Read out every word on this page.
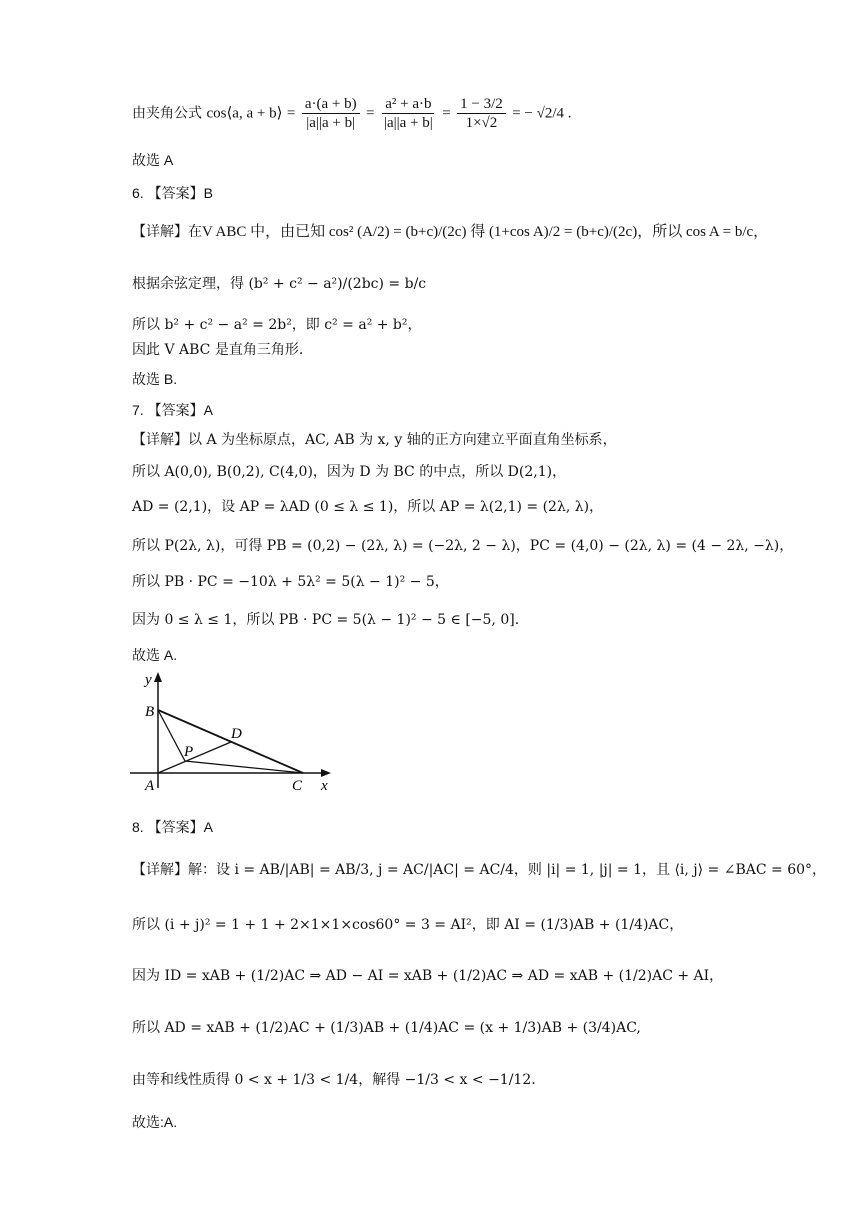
由夹角公式 cos⟨a, a + b⟩ = $\frac{a\cdot(a + b)}{|a||a + b|} = \frac{\text{a² + a·b}}{|a||a + b|} = \frac{1 - 3/2}{1\times√2}$ = − √2/4 .
故选 A
6. 【答案】B
【详解】在V ABC 中，由已知 cos² (A/2) = (b+c)/(2c) 得 (1+cos A)/2 = (b+c)/(2c)，所以 cos A = b/c，
根据余弦定理，得 (b² + c² − a²)/(2bc) = b/c
所以 b² + c² − a² = 2b²，即 c² = a² + b²，
因此 V ABC 是直角三角形.
故选 B.
7. 【答案】A
【详解】以 A 为坐标原点，AC, AB 为 x, y 轴的正方向建立平面直角坐标系，
所以 A(0,0), B(0,2), C(4,0)，因为 D 为 BC 的中点，所以 D(2,1)，
AD = (2,1)，设 AP = λAD (0 ≤ λ ≤ 1)，所以 AP = λ(2,1) = (2λ, λ)，
所以 P(2λ, λ)，可得 PB = (0,2) − (2λ, λ) = (−2λ, 2 − λ)，PC = (4,0) − (2λ, λ) = (4 − 2λ, −λ)，
所以 PB · PC = −10λ + 5λ² = 5(λ − 1)² − 5，
因为 0 ≤ λ ≤ 1，所以 PB · PC = 5(λ − 1)² − 5 ∈ [−5, 0].
故选 A.
y
x
B
A	C
D
P
8. 【答案】A
【详解】解：设 i = AB/|AB| = AB/3, j = AC/|AC| = AC/4，则 |i| = 1, |j| = 1，且 ⟨i, j⟩ = ∠BAC = 60°，
所以 (i + j)² = 1 + 1 + 2×1×1×cos60° = 3 = AI²，即 AI = (1/3)AB + (1/4)AC，
因为 ID = xAB + (1/2)AC ⇒ AD − AI = xAB + (1/2)AC ⇒ AD = xAB + (1/2)AC + AI，
所以 AD = xAB + (1/2)AC + (1/3)AB + (1/4)AC = (x + 1/3)AB + (3/4)AC,
由等和线性质得 0 < x + 1/3 < 1/4，解得 −1/3 < x < −1/12.
故选:A.
